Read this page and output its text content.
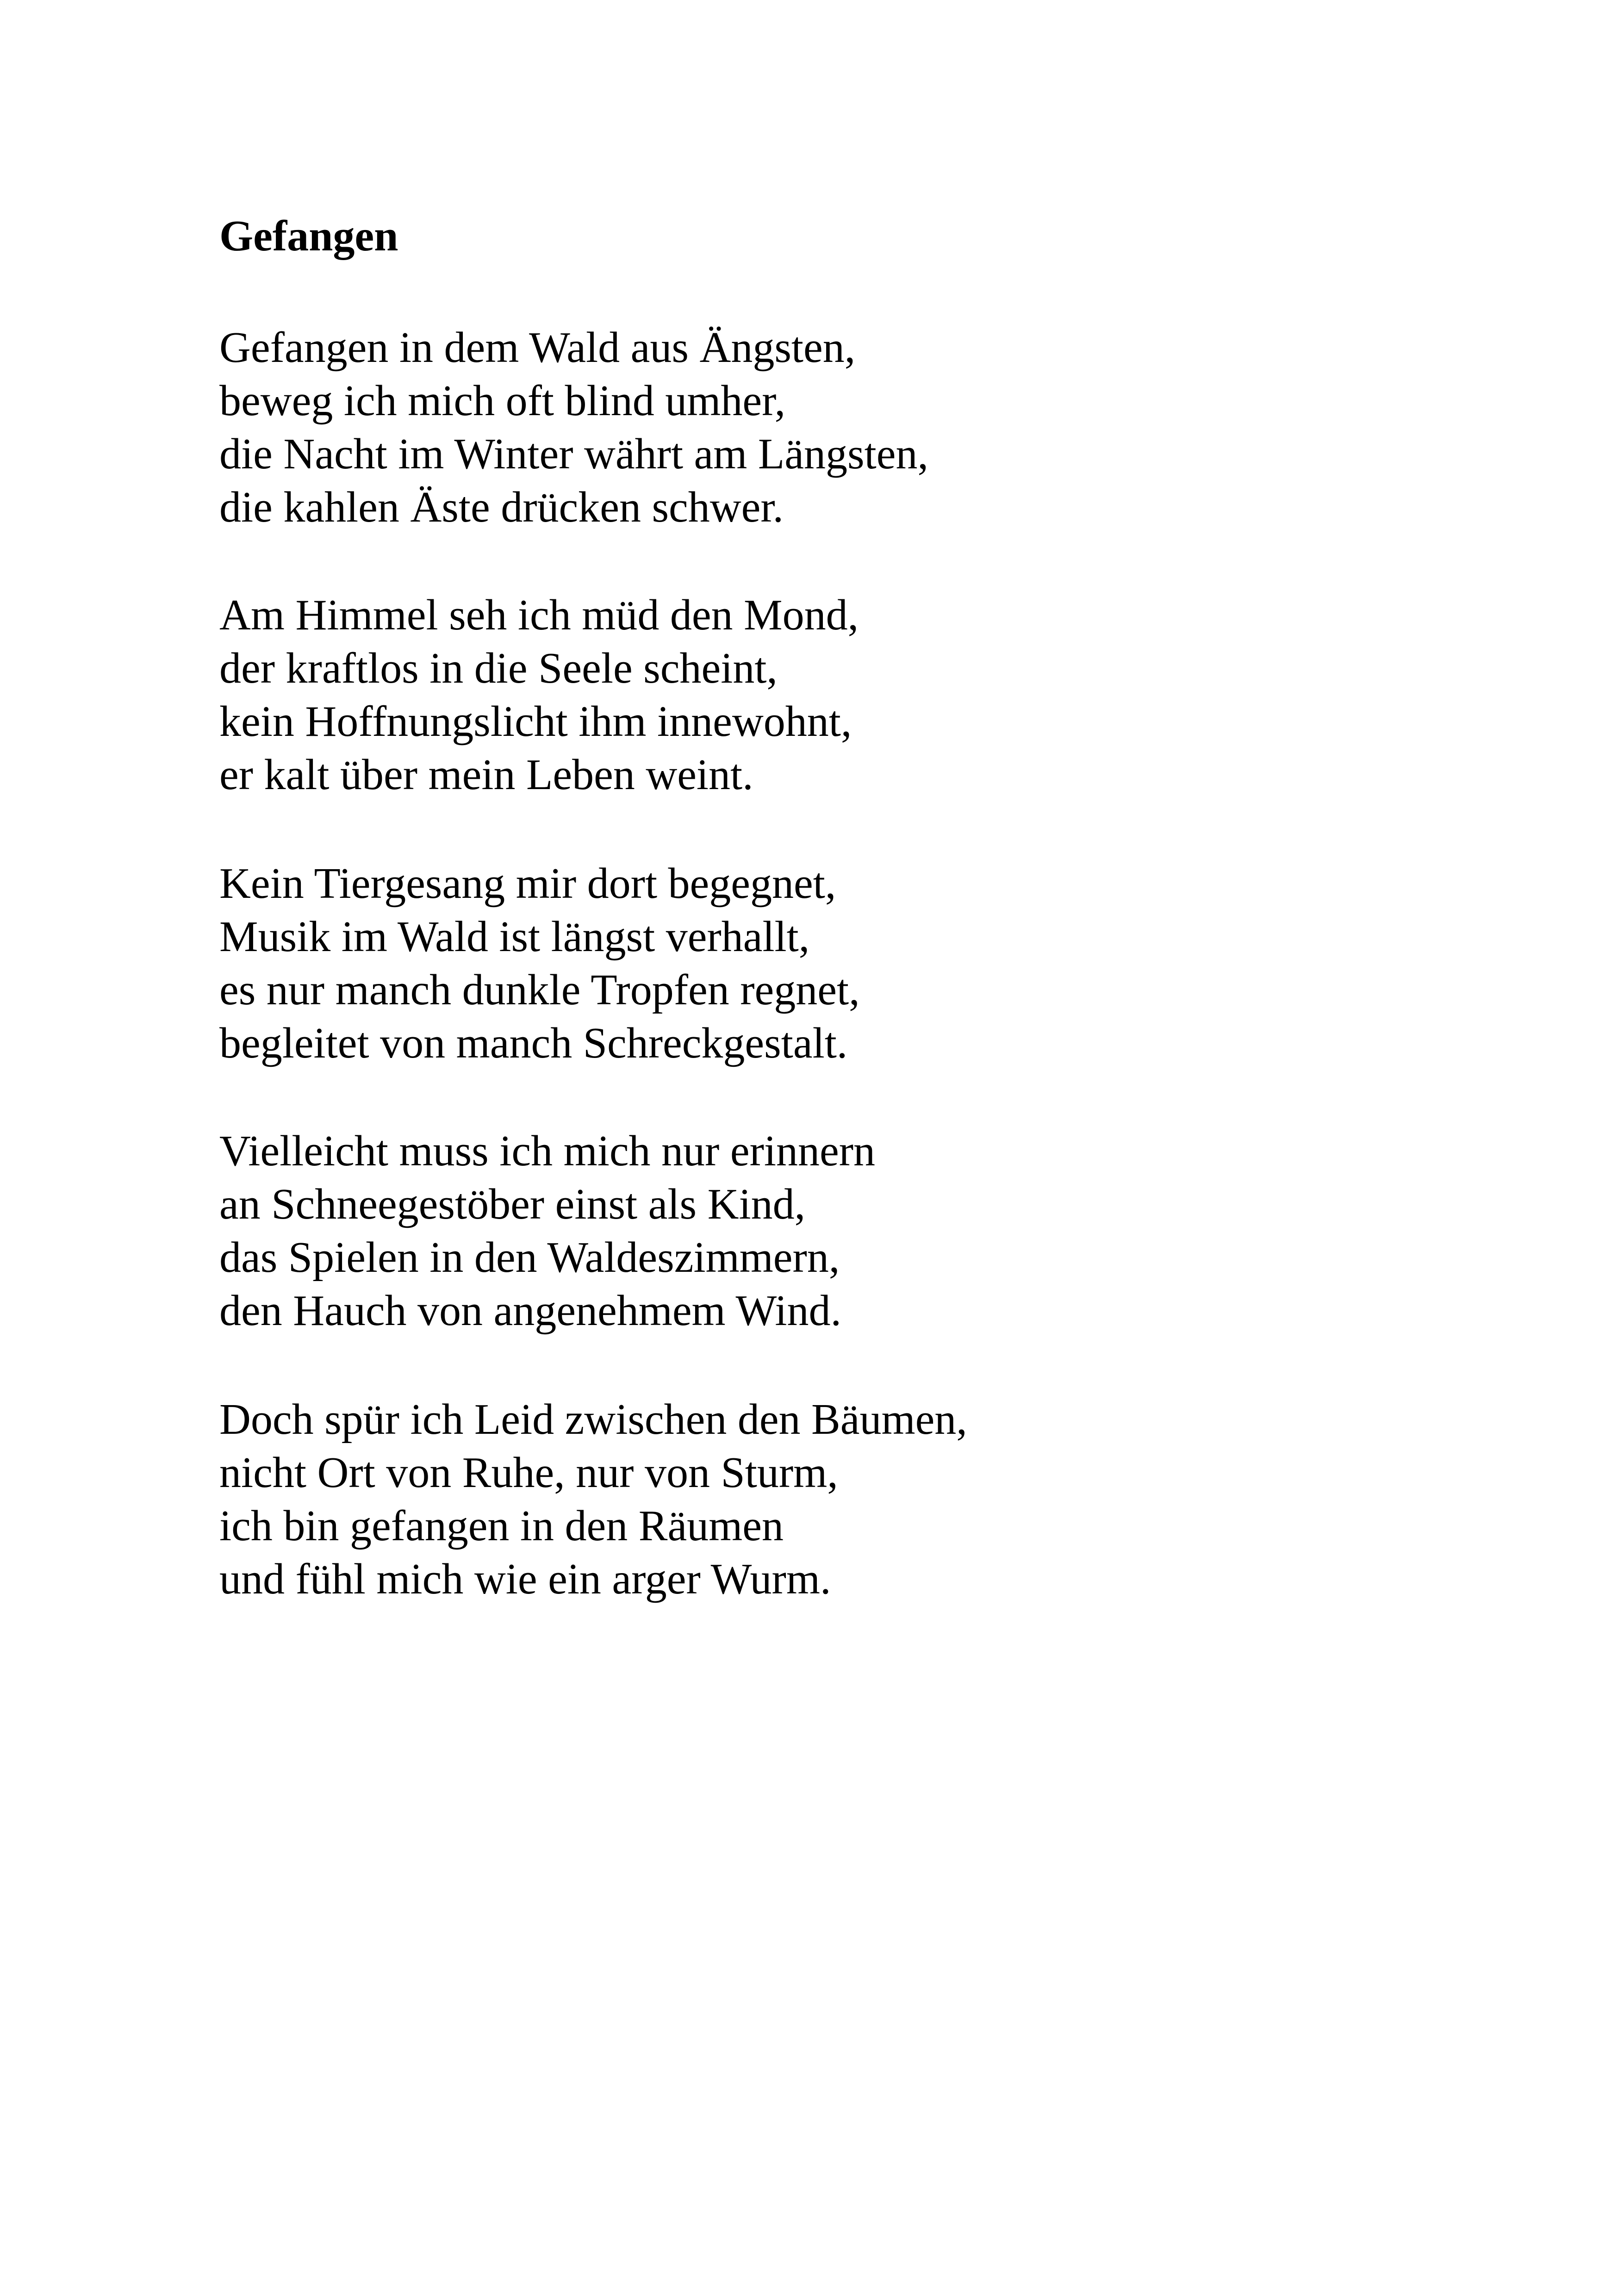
Gefangen
Gefangen in dem Wald aus Ängsten,
beweg ich mich oft blind umher,
die Nacht im Winter währt am Längsten,
die kahlen Äste drücken schwer.
Am Himmel seh ich müd den Mond,
der kraftlos in die Seele scheint,
kein Hoffnungslicht ihm innewohnt,
er kalt über mein Leben weint.
Kein Tiergesang mir dort begegnet,
Musik im Wald ist längst verhallt,
es nur manch dunkle Tropfen regnet,
begleitet von manch Schreckgestalt.
Vielleicht muss ich mich nur erinnern
an Schneegestöber einst als Kind,
das Spielen in den Waldeszimmern,
den Hauch von angenehmem Wind.
Doch spür ich Leid zwischen den Bäumen,
nicht Ort von Ruhe, nur von Sturm,
ich bin gefangen in den Räumen
und fühl mich wie ein arger Wurm.
